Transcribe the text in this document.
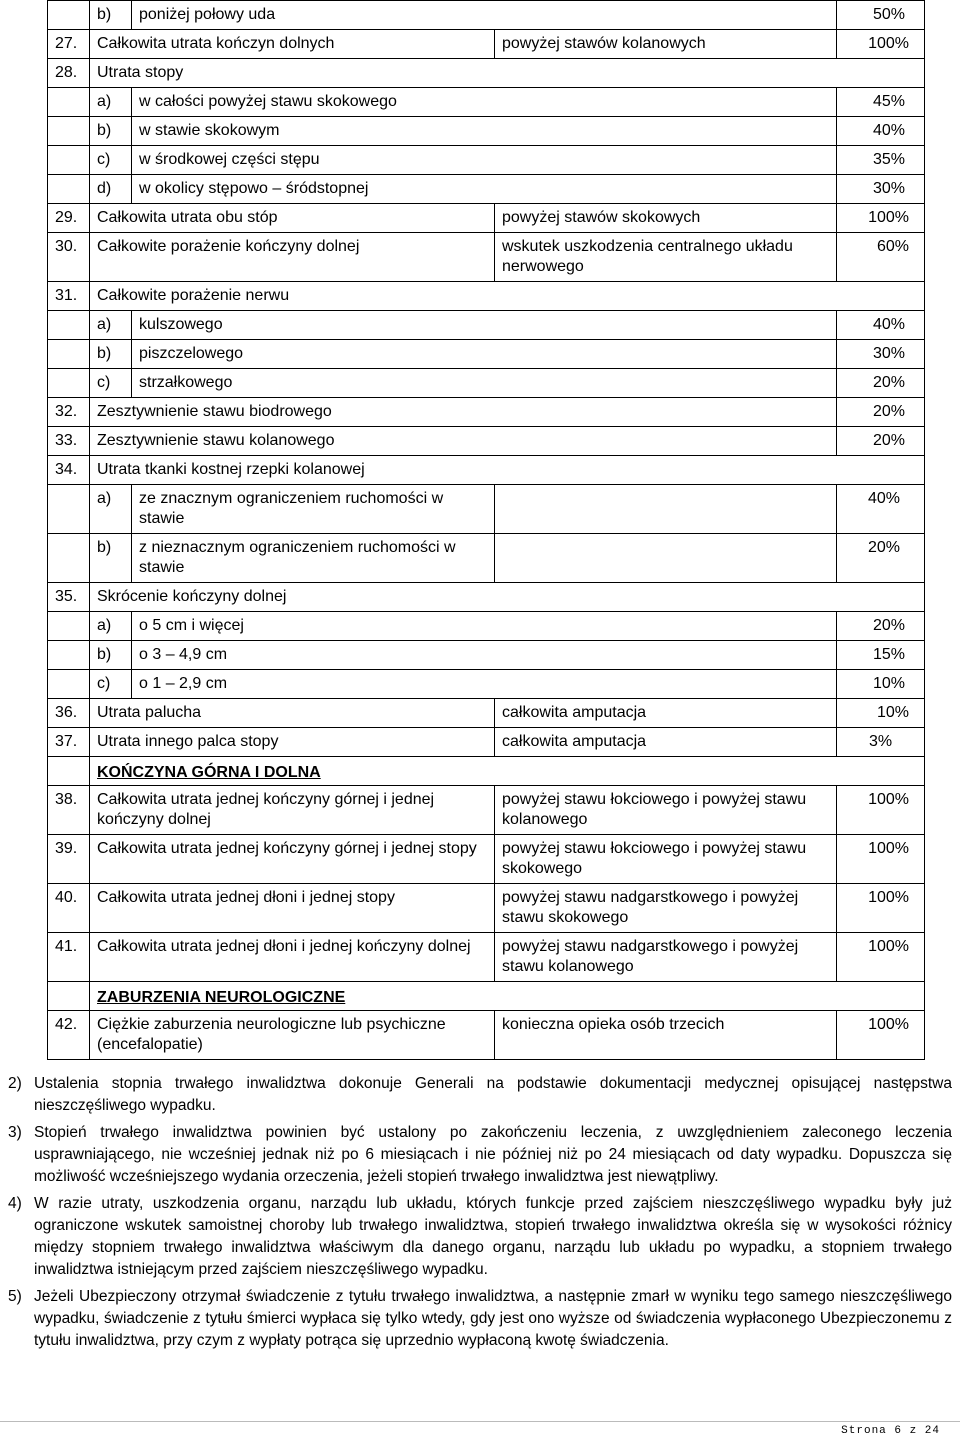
	b)	poniżej połowy uda		50%
27.	Całkowita utrata kończyn dolnych		powyżej stawów kolanowych	100%
28.	Utrata stopy			
	a)	w całości powyżej stawu skokowego		45%
	b)	w stawie skokowym		40%
	c)	w środkowej części stępu		35%
	d)	w okolicy stępowo – śródstopnej		30%
29.	Całkowita utrata obu stóp		powyżej stawów skokowych	100%
30.	Całkowite porażenie kończyny dolnej		wskutek uszkodzenia centralnego układu nerwowego	60%
31.	Całkowite porażenie nerwu			
	a)	kulszowego		40%
	b)	piszczelowego		30%
	c)	strzałkowego		20%
32.	Zesztywnienie stawu biodrowego			20%
33.	Zesztywnienie stawu kolanowego			20%
34.	Utrata tkanki kostnej rzepki kolanowej			
	a)	ze znacznym ograniczeniem ruchomości w stawie		40%
	b)	z nieznacznym ograniczeniem ruchomości w stawie		20%
35.	Skrócenie kończyny dolnej			
	a)	o 5 cm i więcej		20%
	b)	o 3 – 4,9 cm		15%
	c)	o 1 – 2,9 cm		10%
36.	Utrata palucha		całkowita amputacja	10%
37.	Utrata innego palca stopy		całkowita amputacja	3%
	KOŃCZYNA GÓRNA I DOLNA			
38.	Całkowita utrata jednej kończyny górnej i jednej kończyny dolnej		powyżej stawu łokciowego i powyżej stawu kolanowego	100%
39.	Całkowita utrata jednej kończyny górnej i jednej stopy		powyżej stawu łokciowego i powyżej stawu skokowego	100%
40.	Całkowita utrata jednej dłoni i jednej stopy		powyżej stawu nadgarstkowego i powyżej stawu skokowego	100%
41.	Całkowita utrata jednej dłoni i jednej kończyny dolnej		powyżej stawu nadgarstkowego i powyżej stawu kolanowego	100%
	ZABURZENIA NEUROLOGICZNE			
42.	Ciężkie zaburzenia neurologiczne lub psychiczne (encefalopatie)		konieczna opieka osób trzecich	100%
2) Ustalenia stopnia trwałego inwalidztwa dokonuje Generali na podstawie dokumentacji medycznej opisującej następstwa nieszczęśliwego wypadku.
3) Stopień trwałego inwalidztwa powinien być ustalony po zakończeniu leczenia, z uwzględnieniem zaleconego leczenia usprawniającego, nie wcześniej jednak niż po 6 miesiącach i nie później niż po 24 miesiącach od daty wypadku. Dopuszcza się możliwość wcześniejszego wydania orzeczenia, jeżeli stopień trwałego inwalidztwa jest niewątpliwy.
4) W razie utraty, uszkodzenia organu, narządu lub układu, których funkcje przed zajściem nieszczęśliwego wypadku były już ograniczone wskutek samoistnej choroby lub trwałego inwalidztwa, stopień trwałego inwalidztwa określa się w wysokości różnicy między stopniem trwałego inwalidztwa właściwym dla danego organu, narządu lub układu po wypadku, a stopniem trwałego inwalidztwa istniejącym przed zajściem nieszczęśliwego wypadku.
5) Jeżeli Ubezpieczony otrzymał świadczenie z tytułu trwałego inwalidztwa, a następnie zmarł w wyniku tego samego nieszczęśliwego wypadku, świadczenie z tytułu śmierci wypłaca się tylko wtedy, gdy jest ono wyższe od świadczenia wypłaconego Ubezpieczonemu z tytułu inwalidztwa, przy czym z wypłaty potrąca się uprzednio wypłaconą kwotę świadczenia.
Strona 6 z 24
